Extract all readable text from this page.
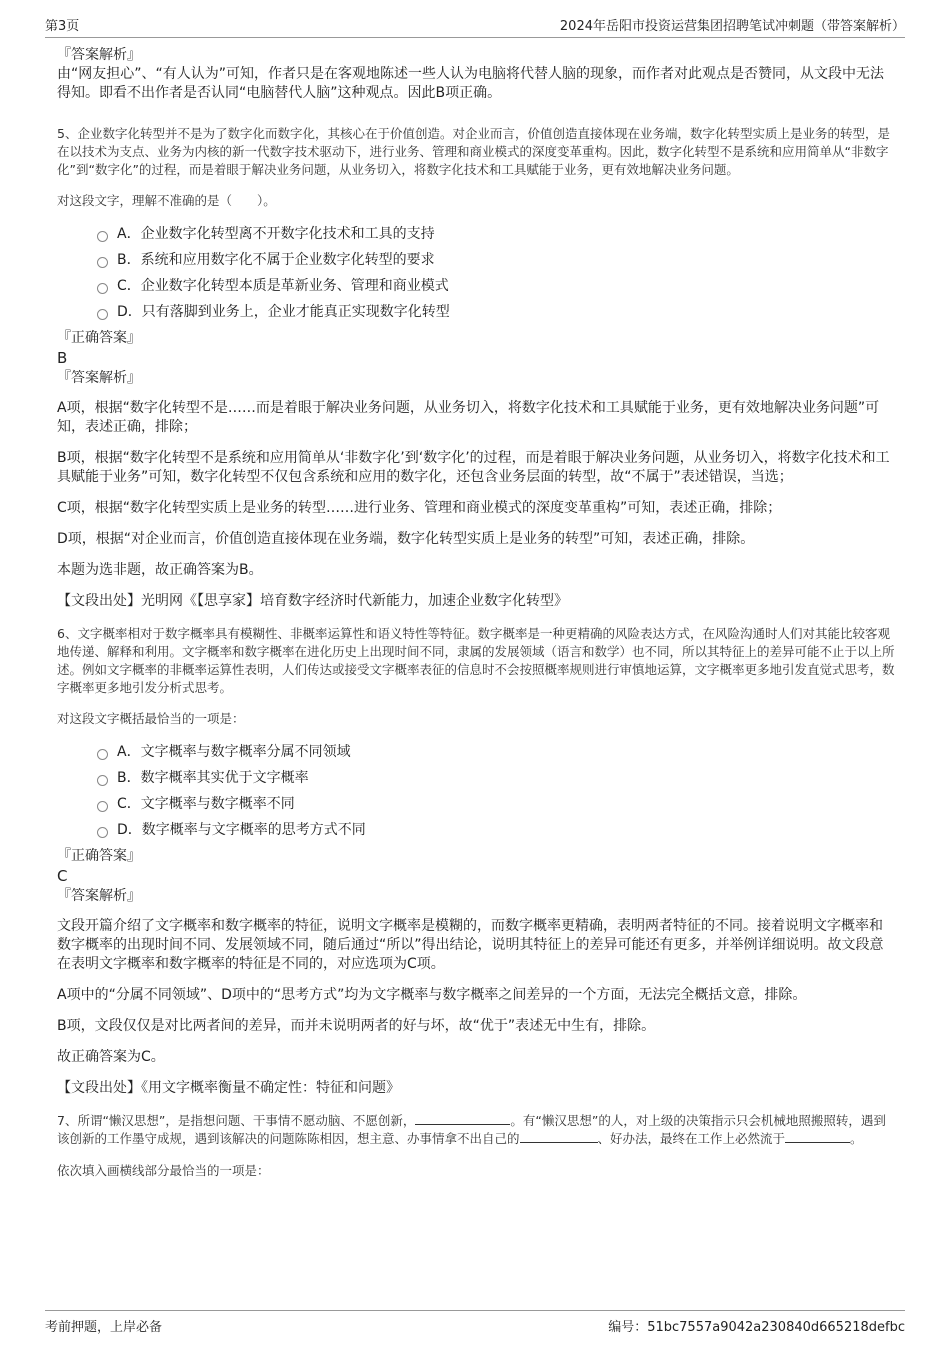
第3页	2024年岳阳市投资运营集团招聘笔试冲刺题（带答案解析）

『答案解析』

由“网友担心”、“有人认为”可知，作者只是在客观地陈述一些人认为电脑将代替人脑的现象，而作者对此观点是否赞同，从文段中无法得知。即看不出作者是否认同“电脑替代人脑”这种观点。因此B项正确。

5、企业数字化转型并不是为了数字化而数字化，其核心在于价值创造。对企业而言，价值创造直接体现在业务端，数字化转型实质上是业务的转型，是在以技术为支点、业务为内核的新一代数字技术驱动下，进行业务、管理和商业模式的深度变革重构。因此，数字化转型不是系统和应用简单从“非数字化”到“数字化”的过程，而是着眼于解决业务问题，从业务切入，将数字化技术和工具赋能于业务，更有效地解决业务问题。

对这段文字，理解不准确的是（　　）。

A．企业数字化转型离不开数字化技术和工具的支持
B．系统和应用数字化不属于企业数字化转型的要求
C．企业数字化转型本质是革新业务、管理和商业模式
D．只有落脚到业务上，企业才能真正实现数字化转型

『正确答案』

B

『答案解析』

A项，根据“数字化转型不是……而是着眼于解决业务问题，从业务切入，将数字化技术和工具赋能于业务，更有效地解决业务问题”可知，表述正确，排除；

B项，根据“数字化转型不是系统和应用简单从‘非数字化’到‘数字化’的过程，而是着眼于解决业务问题，从业务切入，将数字化技术和工具赋能于业务”可知，数字化转型不仅包含系统和应用的数字化，还包含业务层面的转型，故“不属于”表述错误，当选；

C项，根据“数字化转型实质上是业务的转型……进行业务、管理和商业模式的深度变革重构”可知，表述正确，排除；

D项，根据“对企业而言，价值创造直接体现在业务端，数字化转型实质上是业务的转型”可知，表述正确，排除。

本题为选非题，故正确答案为B。

【文段出处】光明网《【思享家】培育数字经济时代新能力，加速企业数字化转型》

6、文字概率相对于数字概率具有模糊性、非概率运算性和语义特性等特征。数字概率是一种更精确的风险表达方式，在风险沟通时人们对其能比较客观地传递、解释和利用。文字概率和数字概率在进化历史上出现时间不同，隶属的发展领域（语言和数学）也不同，所以其特征上的差异可能不止于以上所述。例如文字概率的非概率运算性表明，人们传达或接受文字概率表征的信息时不会按照概率规则进行审慎地运算，文字概率更多地引发直觉式思考，数字概率更多地引发分析式思考。

对这段文字概括最恰当的一项是：

A．文字概率与数字概率分属不同领域
B．数字概率其实优于文字概率
C．文字概率与数字概率不同
D．数字概率与文字概率的思考方式不同

『正确答案』

C

『答案解析』

文段开篇介绍了文字概率和数字概率的特征，说明文字概率是模糊的，而数字概率更精确，表明两者特征的不同。接着说明文字概率和数字概率的出现时间不同、发展领域不同，随后通过“所以”得出结论，说明其特征上的差异可能还有更多，并举例详细说明。故文段意在表明文字概率和数字概率的特征是不同的，对应选项为C项。

A项中的“分属不同领域”、D项中的“思考方式”均为文字概率与数字概率之间差异的一个方面，无法完全概括文意，排除。

B项，文段仅仅是对比两者间的差异，而并未说明两者的好与坏，故“优于”表述无中生有，排除。

故正确答案为C。

【文段出处】《用文字概率衡量不确定性：特征和问题》

7、所谓“懒汉思想”，是指想问题、干事情不愿动脑、不愿创新，	。有“懒汉思想”的人，对上级的决策指示只会机械地照搬照转，遇到该创新的工作墨守成规，遇到该解决的问题陈陈相因，想主意、办事情拿不出自己的	、好办法，最终在工作上必然流于	。

依次填入画横线部分最恰当的一项是：

考前押题，上岸必备	编号：51bc7557a9042a230840d665218defbc
